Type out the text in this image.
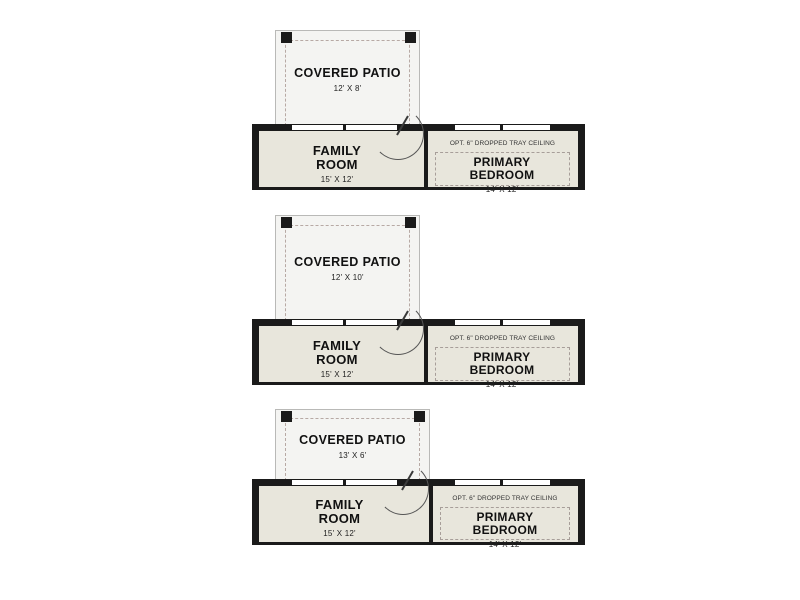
COVERED PATIO
12' X 8'
OPT. 6" DROPPED TRAY CEILING
FAMILY
ROOM
15' X 12'
PRIMARY
BEDROOM
14' X 12'
COVERED PATIO
12' X 10'
OPT. 6" DROPPED TRAY CEILING
FAMILY
ROOM
15' X 12'
PRIMARY
BEDROOM
14' X 12'
COVERED PATIO
13' X 6'
OPT. 6" DROPPED TRAY CEILING
FAMILY
ROOM
15' X 12'
PRIMARY
BEDROOM
14' X 12'
